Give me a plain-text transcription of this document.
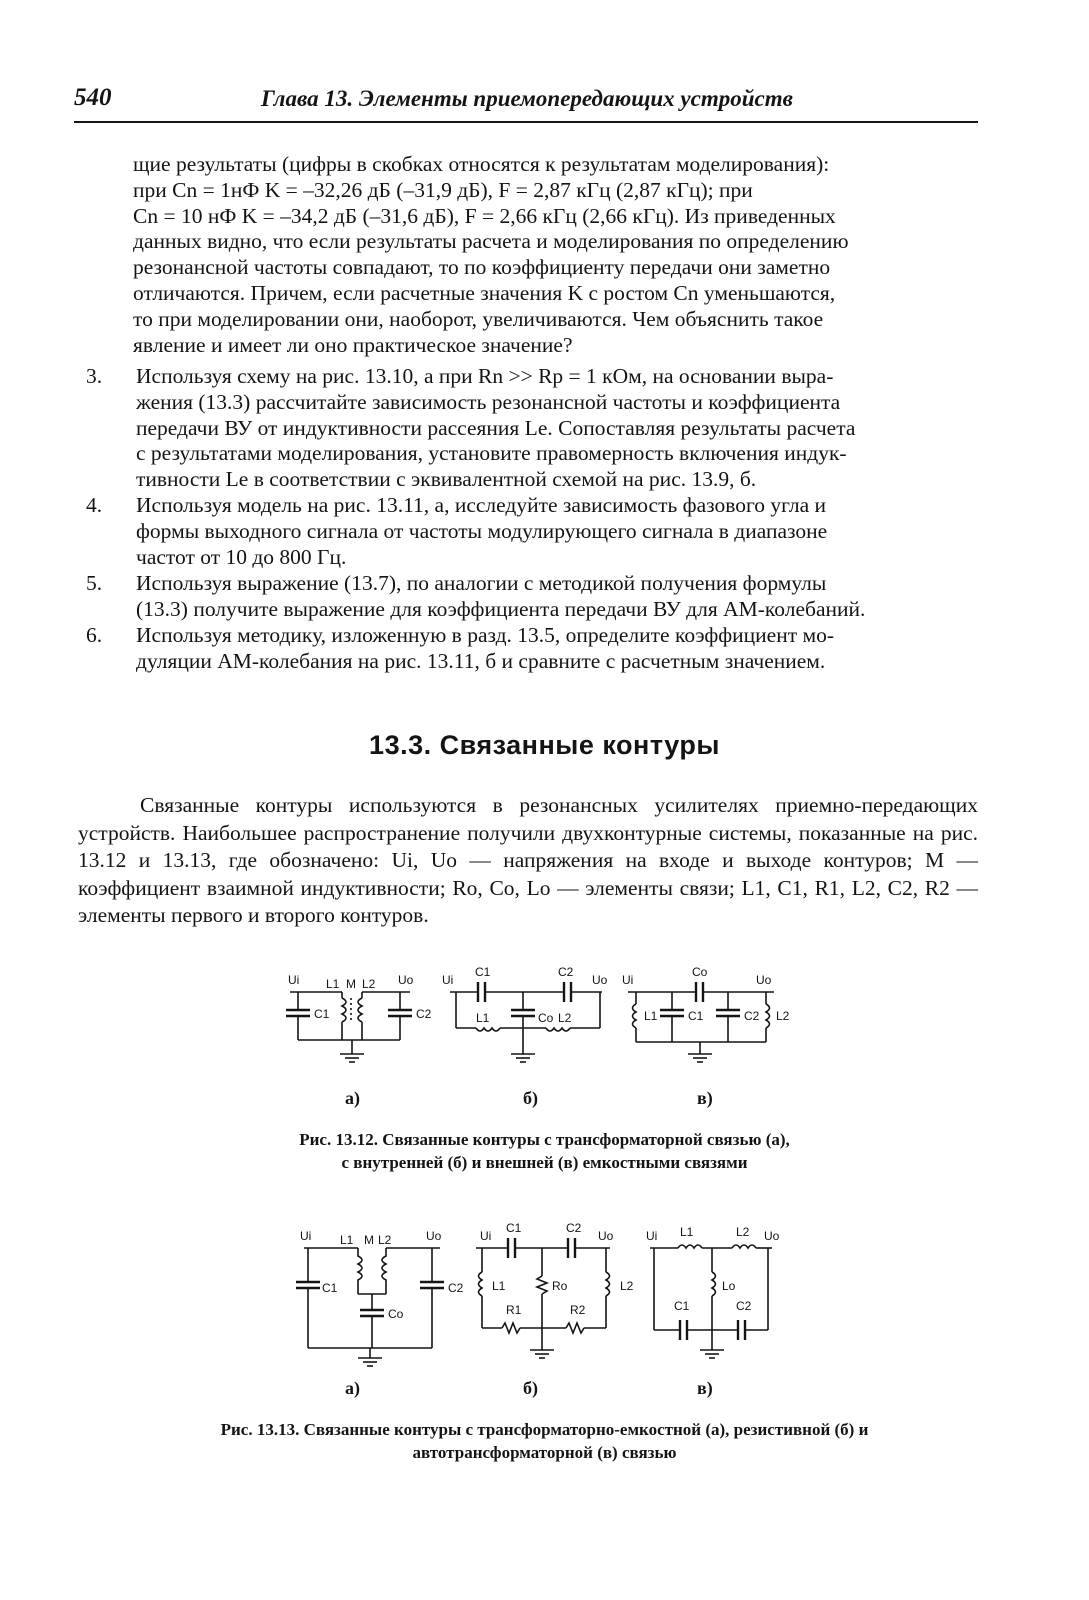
540	Глава 13. Элементы приемопередающих устройств
щие результаты (цифры в скобках относятся к результатам моделирования):
при Cn = 1нФ K = –32,26 дБ (–31,9 дБ), F = 2,87 кГц (2,87 кГц); при
Cn = 10 нФ K = –34,2 дБ (–31,6 дБ), F = 2,66 кГц (2,66 кГц). Из приведенных
данных видно, что если результаты расчета и моделирования по определению
резонансной частоты совпадают, то по коэффициенту передачи они заметно
отличаются. Причем, если расчетные значения K с ростом Cn уменьшаются,
то при моделировании они, наоборот, увеличиваются. Чем объяснить такое
явление и имеет ли оно практическое значение?
3.	Используя схему на рис. 13.10, а при Rn >> Rp = 1 кОм, на основании выра-
жения (13.3) рассчитайте зависимость резонансной частоты и коэффициента
передачи ВУ от индуктивности рассеяния Le. Сопоставляя результаты расчета
с результатами моделирования, установите правомерность включения индук-
тивности Le в соответствии с эквивалентной схемой на рис. 13.9, б.
4.	Используя модель на рис. 13.11, а, исследуйте зависимость фазового угла и
формы выходного сигнала от частоты модулирующего сигнала в диапазоне
частот от 10 до 800 Гц.
5.	Используя выражение (13.7), по аналогии с методикой получения формулы
(13.3) получите выражение для коэффициента передачи ВУ для АМ-колебаний.
6.	Используя методику, изложенную в разд. 13.5, определите коэффициент мо-
дуляции АМ-колебания на рис. 13.11, б и сравните с расчетным значением.
13.3. Связанные контуры
Связанные контуры используются в резонансных усилителях приемно-передающих устройств. Наибольшее распространение получили двухконтурные системы, показанные на рис. 13.12 и 13.13, где обозначено: Ui, Uo — напряжения на входе и выходе контуров; M — коэффициент взаимной индуктивности; Ro, Co, Lo — элементы связи; L1, C1, R1, L2, C2, R2 — элементы первого и второго контуров.
Ui L1 M L2 Uo
C1	C2
Ui
C1	C2
Uo
L1	Co L2
Ui
Co
Uo
L1	C1	C2 L2
а)	б)	в)
Рис. 13.12. Связанные контуры с трансформаторной связью (а),
с внутренней (б) и внешней (в) емкостными связями
Ui L1 M L2	Uo
C1	C2
Co
Ui
C1	C2
Uo
L1	Ro	L2
R1	R2
Ui L1	L2 Uo
Lo
C1	C2
а)	б)	в)
Рис. 13.13. Связанные контуры с трансформаторно-емкостной (а), резистивной (б) и
автотрансформаторной (в) связью
